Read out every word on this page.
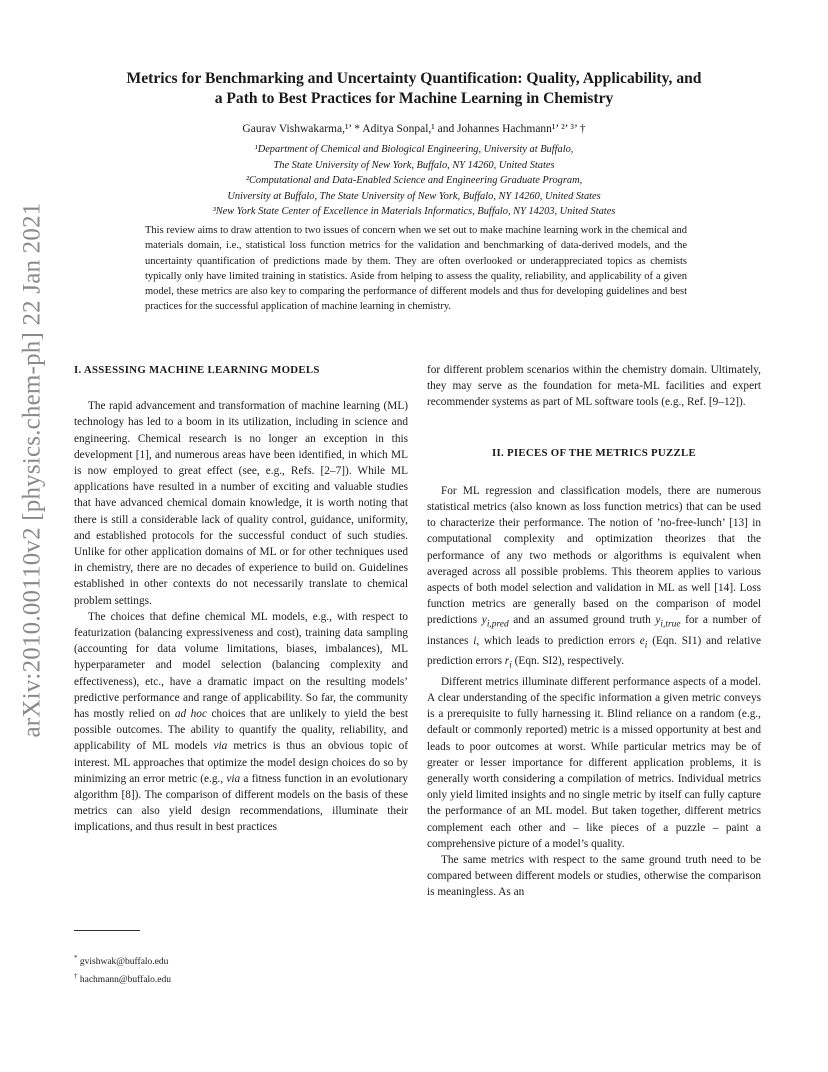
arXiv:2010.00110v2 [physics.chem-ph] 22 Jan 2021
Metrics for Benchmarking and Uncertainty Quantification: Quality, Applicability, and
a Path to Best Practices for Machine Learning in Chemistry
Gaurav Vishwakarma,¹’ * Aditya Sonpal,¹ and Johannes Hachmann¹’ ²’ ³’ †
¹Department of Chemical and Biological Engineering, University at Buffalo,
The State University of New York, Buffalo, NY 14260, United States
²Computational and Data-Enabled Science and Engineering Graduate Program,
University at Buffalo, The State University of New York, Buffalo, NY 14260, United States
³New York State Center of Excellence in Materials Informatics, Buffalo, NY 14203, United States
This review aims to draw attention to two issues of concern when we set out to make machine learning work in the chemical and materials domain, i.e., statistical loss function metrics for the validation and benchmarking of data-derived models, and the uncertainty quantification of predictions made by them. They are often overlooked or underappreciated topics as chemists typically only have limited training in statistics. Aside from helping to assess the quality, reliability, and applicability of a given model, these metrics are also key to comparing the performance of different models and thus for developing guidelines and best practices for the successful application of machine learning in chemistry.
I. ASSESSING MACHINE LEARNING MODELS

The rapid advancement and transformation of machine learning (ML) technology has led to a boom in its utilization, including in science and engineering. Chemical research is no longer an exception in this development [1], and numerous areas have been identified, in which ML is now employed to great effect (see, e.g., Refs. [2–7]). While ML applications have resulted in a number of exciting and valuable studies that have advanced chemical domain knowledge, it is worth noting that there is still a considerable lack of quality control, guidance, uniformity, and established protocols for the successful conduct of such studies. Unlike for other application domains of ML or for other techniques used in chemistry, there are no decades of experience to build on. Guidelines established in other contexts do not necessarily translate to chemical problem settings.

The choices that define chemical ML models, e.g., with respect to featurization (balancing expressiveness and cost), training data sampling (accounting for data volume limitations, biases, imbalances), ML hyperparameter and model selection (balancing complexity and effectiveness), etc., have a dramatic impact on the resulting models’ predictive performance and range of applicability. So far, the community has mostly relied on ad hoc choices that are unlikely to yield the best possible outcomes. The ability to quantify the quality, reliability, and applicability of ML models via metrics is thus an obvious topic of interest. ML approaches that optimize the model design choices do so by minimizing an error metric (e.g., via a fitness function in an evolutionary algorithm [8]). The comparison of different models on the basis of these metrics can also yield design recommendations, illuminate their implications, and thus result in best practices

for different problem scenarios within the chemistry domain. Ultimately, they may serve as the foundation for meta-ML facilities and expert recommender systems as part of ML software tools (e.g., Ref. [9–12]).

II. PIECES OF THE METRICS PUZZLE

For ML regression and classification models, there are numerous statistical metrics (also known as loss function metrics) that can be used to characterize their performance. The notion of ’no-free-lunch’ [13] in computational complexity and optimization theorizes that the performance of any two methods or algorithms is equivalent when averaged across all possible problems. This theorem applies to various aspects of both model selection and validation in ML as well [14]. Loss function metrics are generally based on the comparison of model predictions $y_{i,pred}$ and an assumed ground truth $y_{i,true}$ for a number of instances i, which leads to prediction errors $e_i$ (Eqn. SI1) and relative prediction errors $r_i$ (Eqn. SI2), respectively.

Different metrics illuminate different performance aspects of a model. A clear understanding of the specific information a given metric conveys is a prerequisite to fully harnessing it. Blind reliance on a random (e.g., default or commonly reported) metric is a missed opportunity at best and leads to poor outcomes at worst. While particular metrics may be of greater or lesser importance for different application problems, it is generally worth considering a compilation of metrics. Individual metrics only yield limited insights and no single metric by itself can fully capture the performance of an ML model. But taken together, different metrics complement each other and – like pieces of a puzzle – paint a comprehensive picture of a model’s quality.

The same metrics with respect to the same ground truth need to be compared between different models or studies, otherwise the comparison is meaningless. As an

* gvishwak@buffalo.edu
† hachmann@buffalo.edu
